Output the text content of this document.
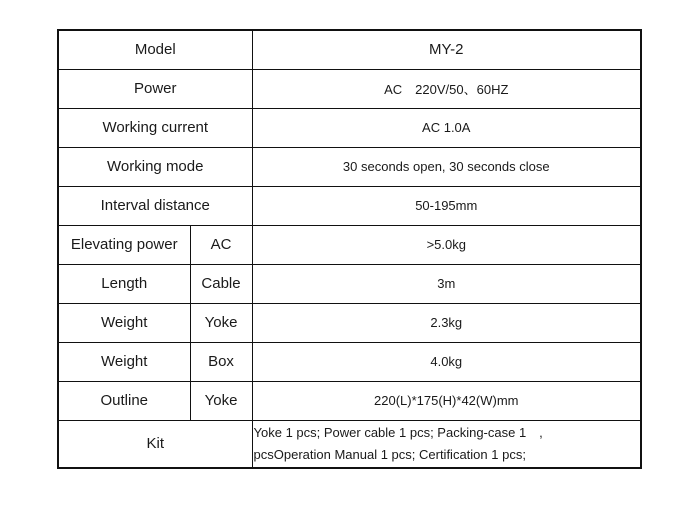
Model		MY-2
Power		AC　220V/50、60HZ
Working current		AC 1.0A
Working mode		30 seconds open, 30 seconds close
Interval distance		50-195mm
Elevating power	AC	>5.0kg
Length	Cable	3m
Weight	Yoke	2.3kg
Weight	Box	4.0kg
Outline	Yoke	220(L)*175(H)*42(W)mm
Kit		Yoke 1 pcs; Power cable 1 pcs; Packing-case 1　,
pcsOperation Manual 1 pcs; Certification 1 pcs;
